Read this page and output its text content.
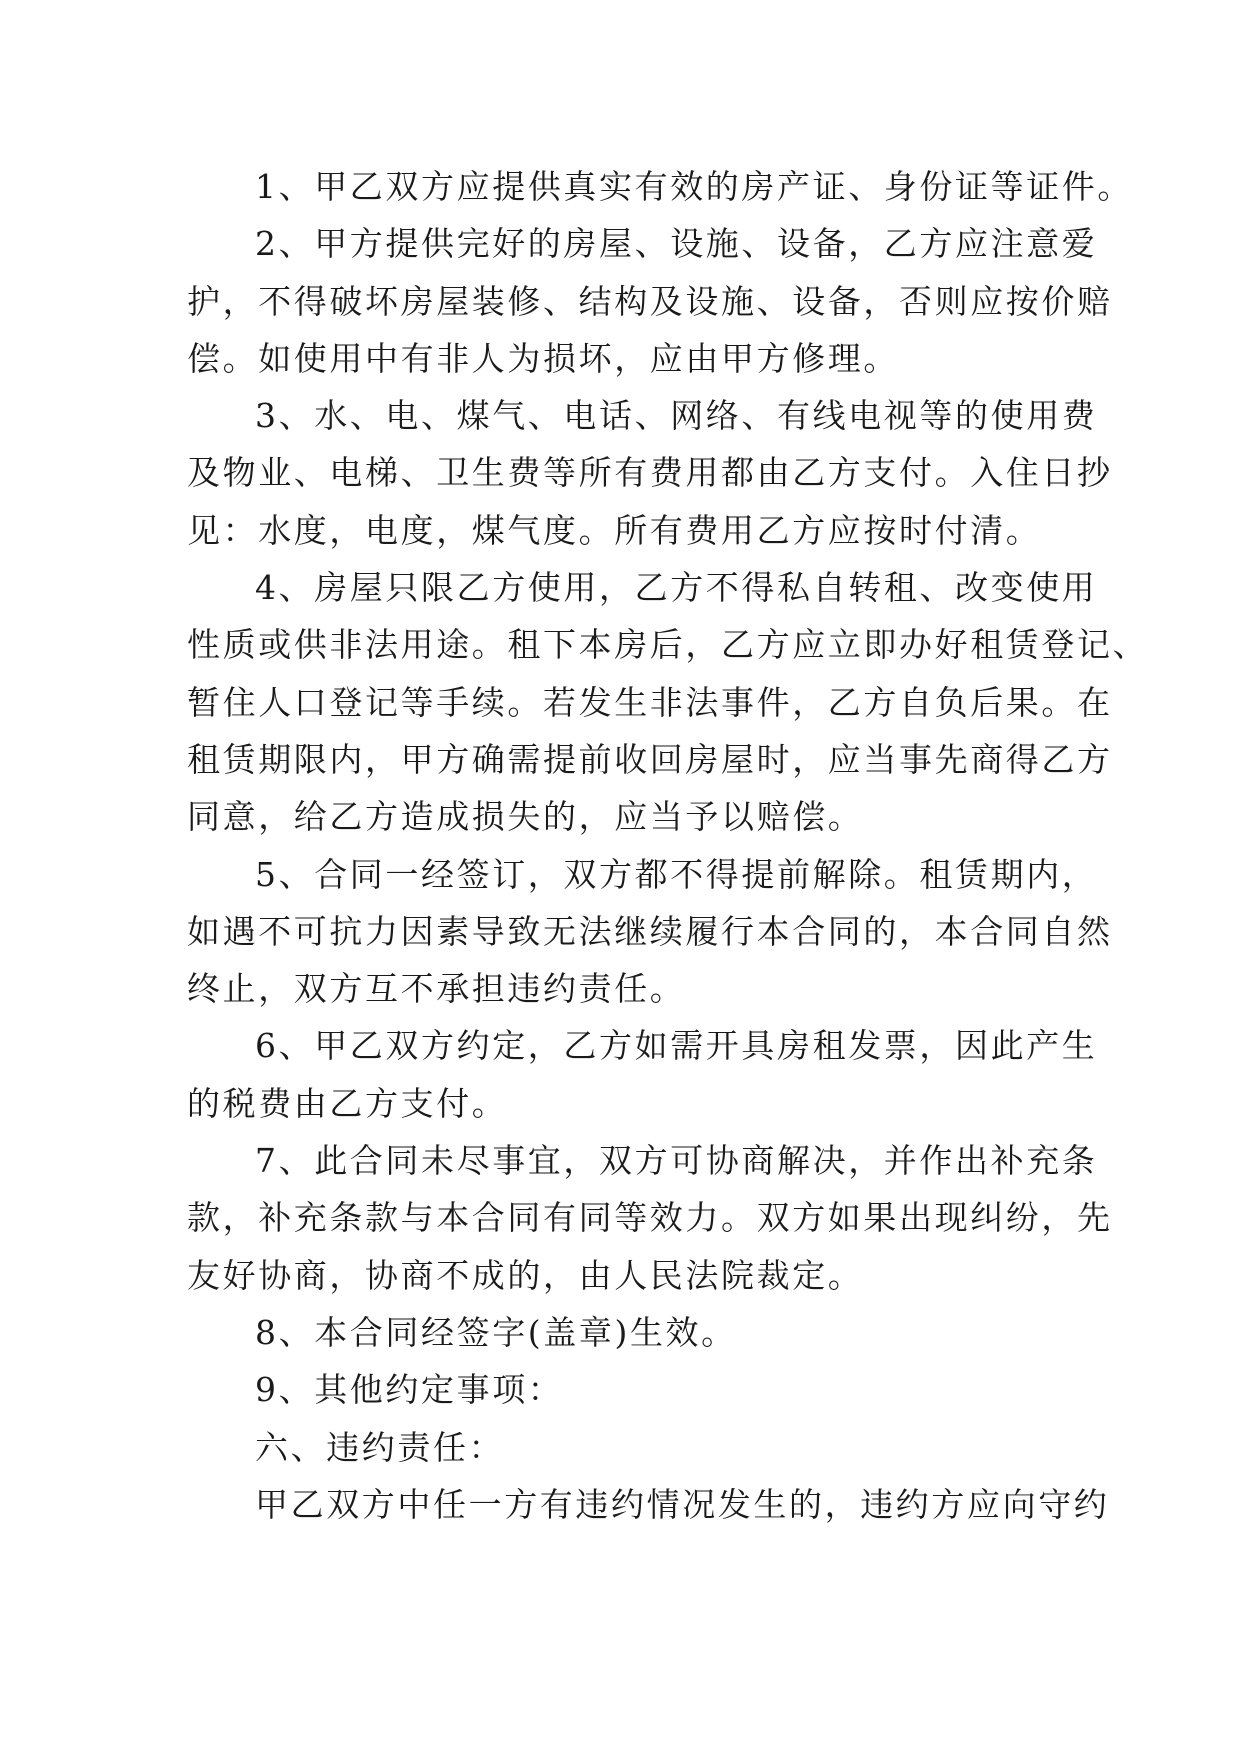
1、甲乙双方应提供真实有效的房产证、身份证等证件。
2、甲方提供完好的房屋、设施、设备，乙方应注意爱
护，不得破坏房屋装修、结构及设施、设备，否则应按价赔
偿。如使用中有非人为损坏，应由甲方修理。
3、水、电、煤气、电话、网络、有线电视等的使用费
及物业、电梯、卫生费等所有费用都由乙方支付。入住日抄
见：水度，电度，煤气度。所有费用乙方应按时付清。
4、房屋只限乙方使用，乙方不得私自转租、改变使用
性质或供非法用途。租下本房后，乙方应立即办好租赁登记、
暂住人口登记等手续。若发生非法事件，乙方自负后果。在
租赁期限内，甲方确需提前收回房屋时，应当事先商得乙方
同意，给乙方造成损失的，应当予以赔偿。
5、合同一经签订，双方都不得提前解除。租赁期内，
如遇不可抗力因素导致无法继续履行本合同的，本合同自然
终止，双方互不承担违约责任。
6、甲乙双方约定，乙方如需开具房租发票，因此产生
的税费由乙方支付。
7、此合同未尽事宜，双方可协商解决，并作出补充条
款，补充条款与本合同有同等效力。双方如果出现纠纷，先
友好协商，协商不成的，由人民法院裁定。
8、本合同经签字(盖章)生效。
9、其他约定事项：
六、违约责任：
甲乙双方中任一方有违约情况发生的，违约方应向守约
